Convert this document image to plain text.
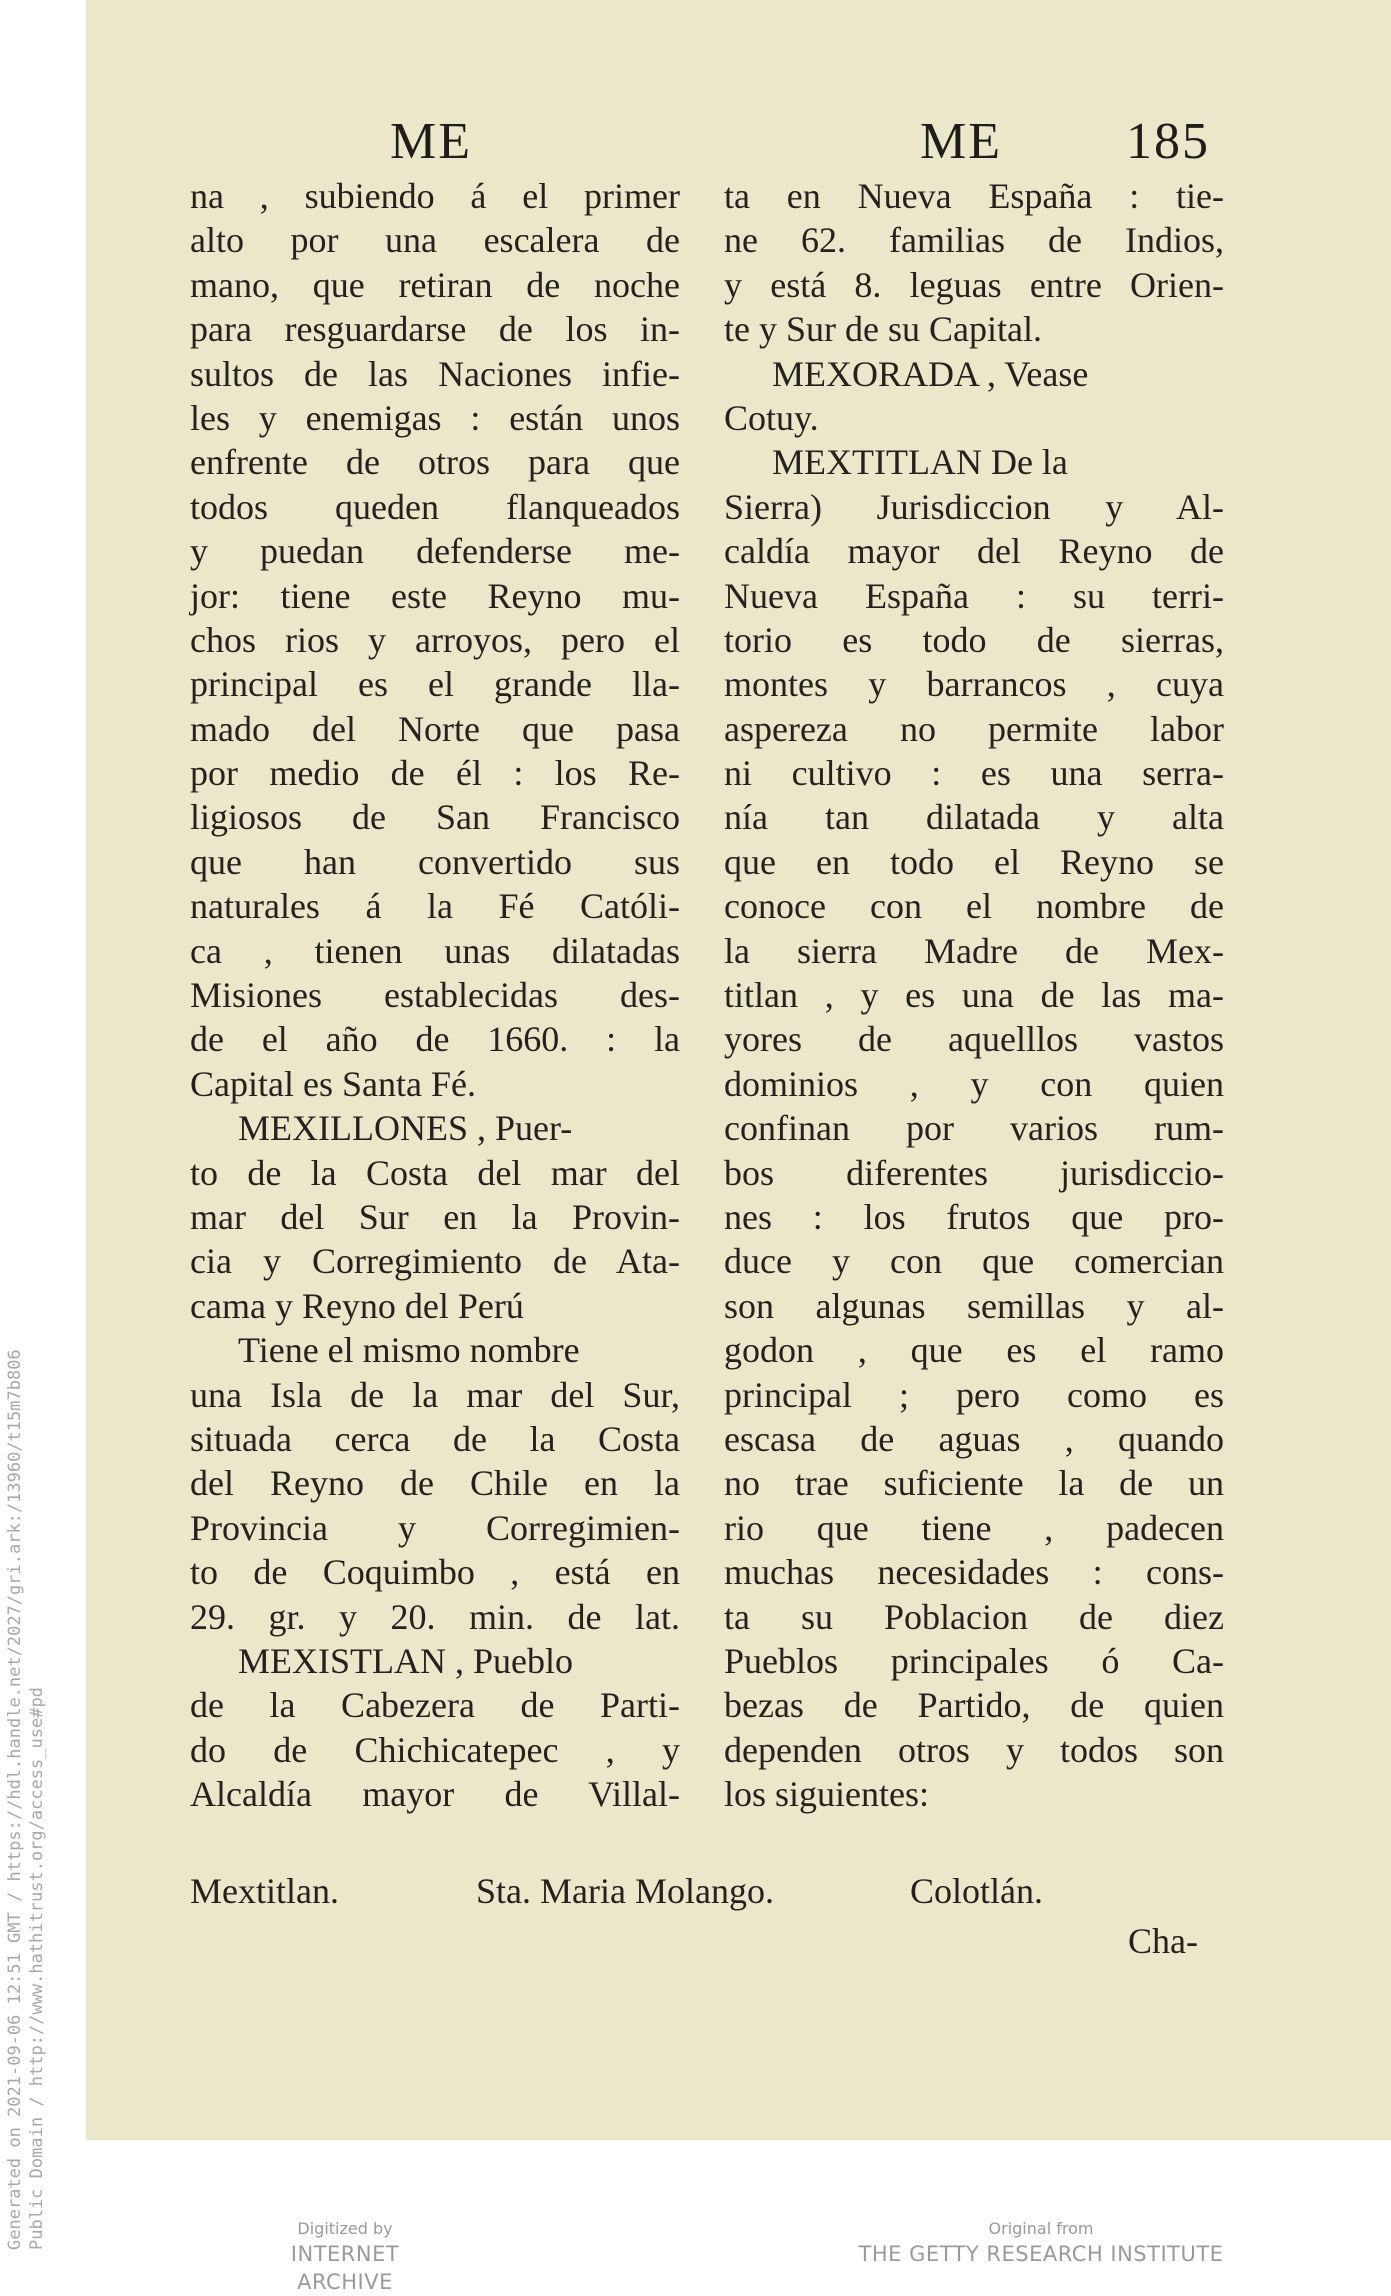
ME	ME 185
na , subiendo á el primer
alto por una escalera de
mano, que retiran de noche
para resguardarse de los in-
sultos de las Naciones infie-
les y enemigas : están unos
enfrente de otros para que
todos queden flanqueados
y puedan defenderse me-
jor: tiene este Reyno mu-
chos rios y arroyos, pero el
principal es el grande lla-
mado del Norte que pasa
por medio de él : los Re-
ligiosos de San Francisco
que han convertido sus
naturales á la Fé Católi-
ca , tienen unas dilatadas
Misiones establecidas des-
de el año de 1660. : la
Capital es Santa Fé.
MEXILLONES , Puer-
to de la Costa del mar del
mar del Sur en la Provin-
cia y Corregimiento de Ata-
cama y Reyno del Perú
Tiene el mismo nombre
una Isla de la mar del Sur,
situada cerca de la Costa
del Reyno de Chile en la
Provincia y Corregimien-
to de Coquimbo , está en
29. gr. y 20. min. de lat.
MEXISTLAN , Pueblo
de la Cabezera de Parti-
do de Chichicatepec , y
Alcaldía mayor de Villal-
ta en Nueva España : tie-
ne 62. familias de Indios,
y está 8. leguas entre Orien-
te y Sur de su Capital.
MEXORADA , Vease
Cotuy.
MEXTITLAN De la
Sierra) Jurisdiccion y Al-
caldía mayor del Reyno de
Nueva España : su terri-
torio es todo de sierras,
montes y barrancos , cuya
aspereza no permite labor
ni cultivo : es una serra-
nía tan dilatada y alta
que en todo el Reyno se
conoce con el nombre de
la sierra Madre de Mex-
titlan , y es una de las ma-
yores de aquelllos vastos
dominios , y con quien
confinan por varios rum-
bos diferentes jurisdiccio-
nes : los frutos que pro-
duce y con que comercian
son algunas semillas y al-
godon , que es el ramo
principal ; pero como es
escasa de aguas , quando
no trae suficiente la de un
rio que tiene , padecen
muchas necesidades : cons-
ta su Poblacion de diez
Pueblos principales ó Ca-
bezas de Partido, de quien
dependen otros y todos son
los siguientes:
Mextitlan.	Sta. Maria Molango.	Colotlán.
Cha-
Generated on 2021-09-06 12:51 GMT / https://hdl.handle.net/2027/gri.ark:/13960/t15m7b806 Public Domain / http://www.hathitrust.org/access_use#pd	Digitized by
INTERNET ARCHIVE
Original from
THE GETTY RESEARCH INSTITUTE
